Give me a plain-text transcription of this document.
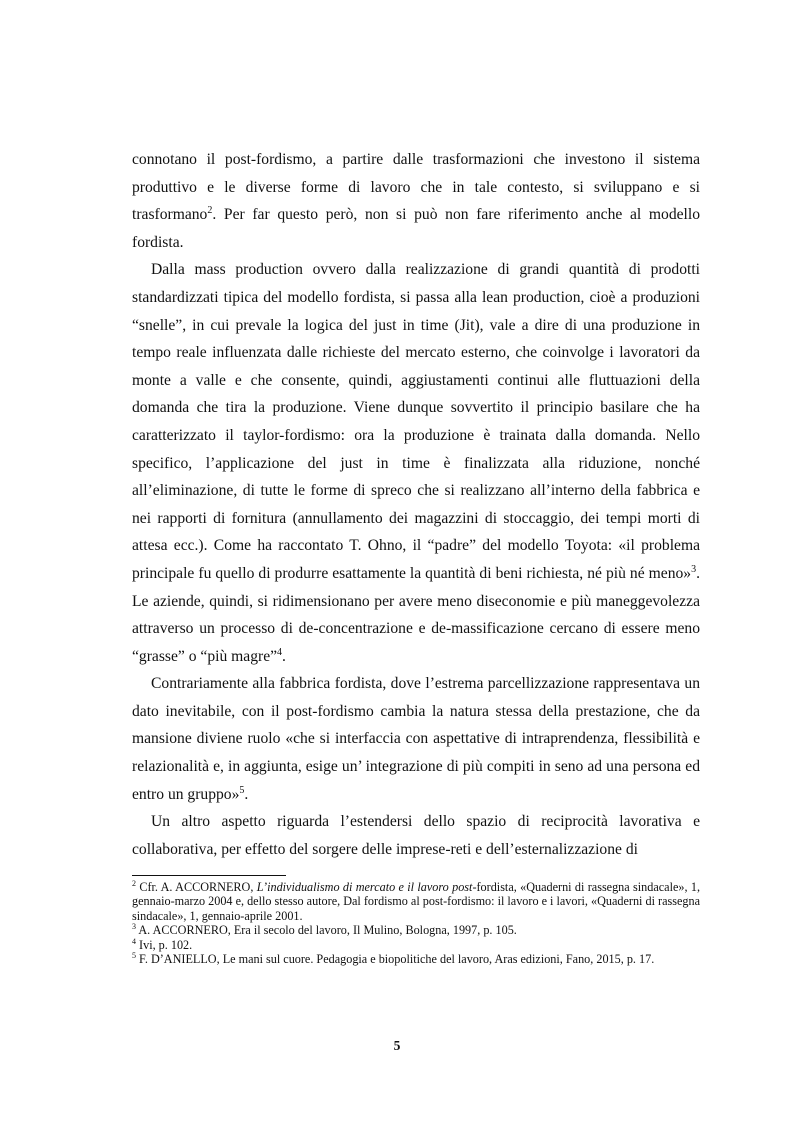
connotano il post-fordismo, a partire dalle trasformazioni che investono il sistema produttivo e le diverse forme di lavoro che in tale contesto, si sviluppano e si trasformano$^2$. Per far questo però, non si può non fare riferimento anche al modello fordista.

Dalla mass production ovvero dalla realizzazione di grandi quantità di prodotti standardizzati tipica del modello fordista, si passa alla lean production, cioè a produzioni “snelle”, in cui prevale la logica del just in time (Jit), vale a dire di una produzione in tempo reale influenzata dalle richieste del mercato esterno, che coinvolge i lavoratori da monte a valle e che consente, quindi, aggiustamenti continui alle fluttuazioni della domanda che tira la produzione. Viene dunque sovvertito il principio basilare che ha caratterizzato il taylor-fordismo: ora la produzione è trainata dalla domanda. Nello specifico, l’applicazione del just in time è finalizzata alla riduzione, nonché all’eliminazione, di tutte le forme di spreco che si realizzano all’interno della fabbrica e nei rapporti di fornitura (annullamento dei magazzini di stoccaggio, dei tempi morti di attesa ecc.). Come ha raccontato T. Ohno, il “padre” del modello Toyota: «il problema principale fu quello di produrre esattamente la quantità di beni richiesta, né più né meno»$^3$. Le aziende, quindi, si ridimensionano per avere meno diseconomie e più maneggevolezza attraverso un processo di de-concentrazione e de-massificazione cercano di essere meno “grasse” o “più magre”$^4$.

Contrariamente alla fabbrica fordista, dove l’estrema parcellizzazione rappresentava un dato inevitabile, con il post-fordismo cambia la natura stessa della prestazione, che da mansione diviene ruolo «che si interfaccia con aspettative di intraprendenza, flessibilità e relazionalità e, in aggiunta, esige un’ integrazione di più compiti in seno ad una persona ed entro un gruppo»$^5$.

Un altro aspetto riguarda l’estendersi dello spazio di reciprocità lavorativa e collaborativa, per effetto del sorgere delle imprese-reti e dell’esternalizzazione di

$^2$ Cfr. A. ACCORNERO, L’individualismo di mercato e il lavoro post-fordista, «Quaderni di rassegna sindacale», 1, gennaio-marzo 2004 e, dello stesso autore, Dal fordismo al post-fordismo: il lavoro e i lavori, «Quaderni di rassegna sindacale», 1, gennaio-aprile 2001.

$^3$ A. ACCORNERO, Era il secolo del lavoro, Il Mulino, Bologna, 1997, p. 105.

$^4$ Ivi, p. 102.

$^5$ F. D’ANIELLO, Le mani sul cuore. Pedagogia e biopolitiche del lavoro, Aras edizioni, Fano, 2015, p. 17.

5
